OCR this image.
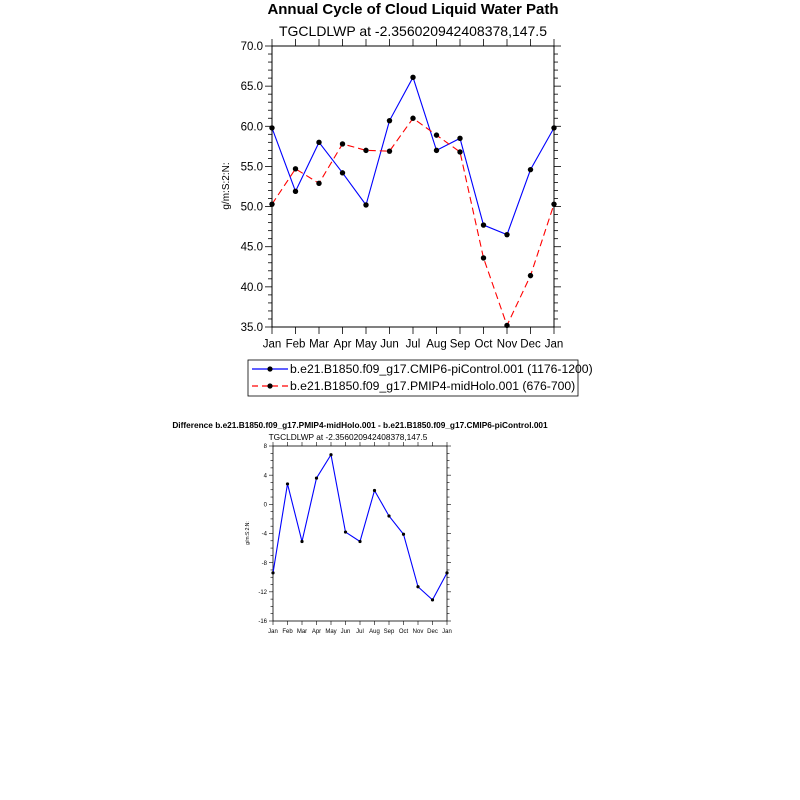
Annual Cycle of Cloud Liquid Water Path
TGCLDLWP at -2.356020942408378,147.5
g/m:S:2:N:
35.0
40.0
45.0
50.0
55.0
60.0
65.0
70.0
Jan Feb Mar Apr May Jun Jul Aug Sep Oct Nov Dec Jan
b.e21.B1850.f09_g17.CMIP6-piControl.001 (1176-1200)
b.e21.B1850.f09_g17.PMIP4-midHolo.001 (676-700)
Difference b.e21.B1850.f09_g17.PMIP4-midHolo.001 - b.e21.B1850.f09_g17.CMIP6-piControl.001
TGCLDLWP at -2.356020942408378,147.5
g/m:S:2:N:
-16
-12
-8
-4
0
4
8
Jan Feb Mar Apr May Jun Jul Aug Sep Oct Nov Dec Jan
